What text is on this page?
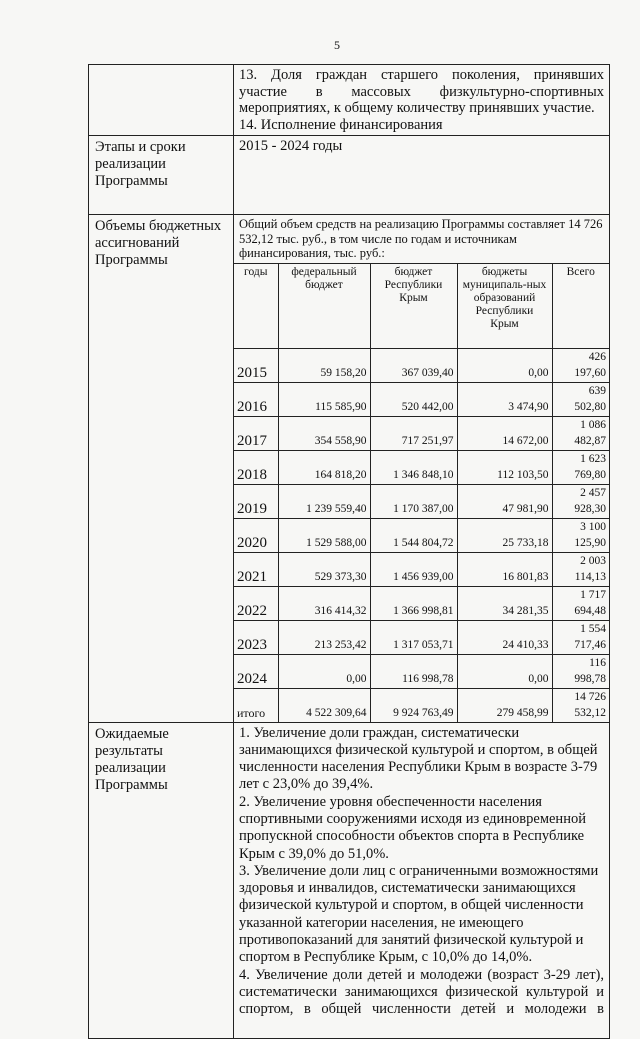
5

13. Доля граждан старшего поколения, принявших участие в массовых физкультурно-спортивных мероприятиях, к общему количеству принявших участие.

14. Исполнение финансирования

Этапы и сроки реализации Программы	
2015 - 2024 годы

Объемы бюджетных ассигнований Программы	
Общий объем средств на реализацию Программы составляет 14 726 532,12 тыс. руб., в том числе по годам и источникам финансирования, тыс. руб.:
годы	федеральный бюджет	бюджет Республики Крым	бюджеты муниципаль-ных образований Республики Крым	Всего
2015	59 158,20	367 039,40	0,00	426 197,60
2016	115 585,90	520 442,00	3 474,90	639 502,80
2017	354 558,90	717 251,97	14 672,00	1 086 482,87
2018	164 818,20	1 346 848,10	112 103,50	1 623 769,80
2019	1 239 559,40	1 170 387,00	47 981,90	2 457 928,30
2020	1 529 588,00	1 544 804,72	25 733,18	3 100 125,90
2021	529 373,30	1 456 939,00	16 801,83	2 003 114,13
2022	316 414,32	1 366 998,81	34 281,35	1 717 694,48
2023	213 253,42	1 317 053,71	24 410,33	1 554 717,46
2024	0,00	116 998,78	0,00	116 998,78
итого	4 522 309,64	9 924 763,49	279 458,99	14 726 532,12

Ожидаемые результаты реализации Программы	

1. Увеличение доли граждан, систематически занимающихся физической культурой и спортом, в общей численности населения Республики Крым в возрасте 3-79 лет с 23,0% до 39,4%.

2. Увеличение уровня обеспеченности населения спортивными сооружениями исходя из единовременной пропускной способности объектов спорта в Республике Крым с 39,0% до 51,0%.

3. Увеличение доли лиц с ограниченными возможностями здоровья и инвалидов, систематически занимающихся физической культурой и спортом, в общей численности указанной категории населения, не имеющего противопоказаний для занятий физической культурой и спортом в Республике Крым, с 10,0% до 14,0%.

4. Увеличение доли детей и молодежи (возраст 3-29 лет), систематически занимающихся физической культурой и спортом, в общей численности детей и молодежи в
